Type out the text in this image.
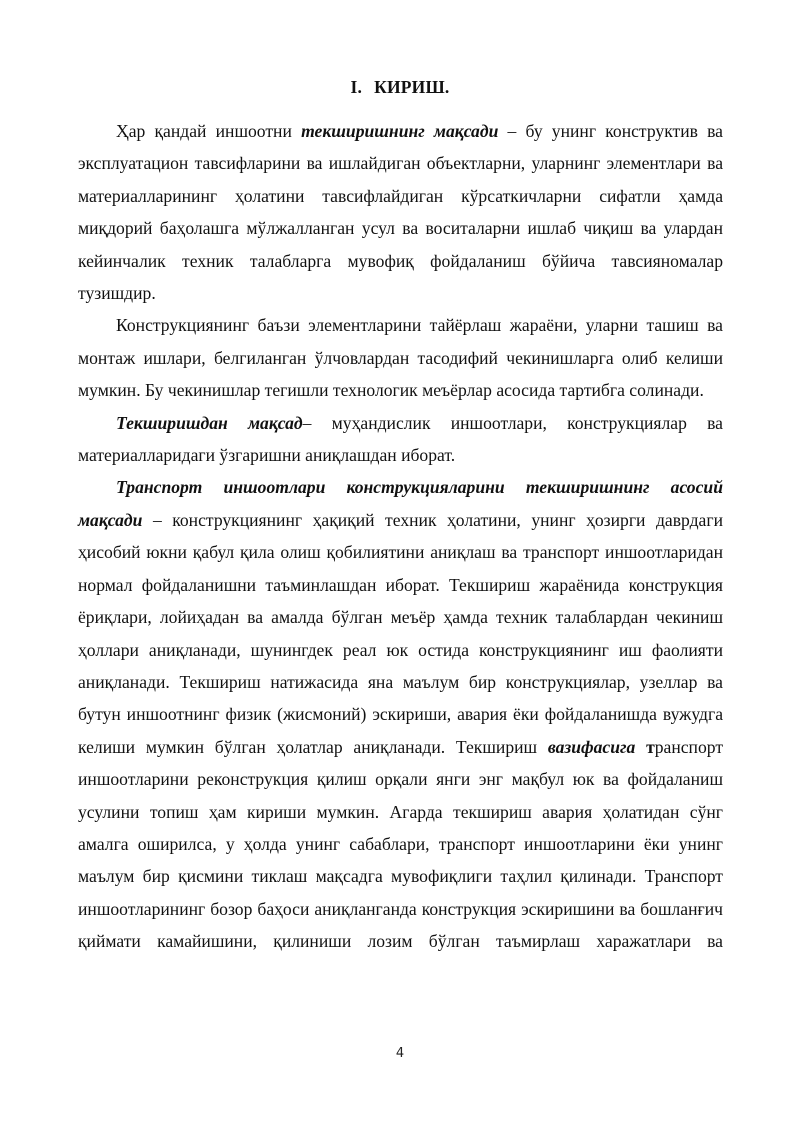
I. КИРИШ.

Ҳар қандай иншоотни текширишнинг мақсади – бу унинг конструктив ва эксплуатацион тавсифларини ва ишлайдиган объектларни, уларнинг элементлари ва материалларининг ҳолатини тавсифлайдиган кўрсаткичларни сифатли ҳамда миқдорий баҳолашга мўлжалланган усул ва воситаларни ишлаб чиқиш ва улардан кейинчалик техник талабларга мувофиқ фойдаланиш бўйича тавсияномалар тузишдир.

Конструкциянинг баъзи элементларини тайёрлаш жараёни, уларни ташиш ва монтаж ишлари, белгиланган ўлчовлардан тасодифий чекинишларга олиб келиши мумкин. Бу чекинишлар тегишли технологик меъёрлар асосида тартибга солинади.

Текширишдан мақсад– муҳандислик иншоотлари, конструкциялар ва материалларидаги ўзгаришни аниқлашдан иборат.

Транспорт иншоотлари конструкцияларини текширишнинг асосий мақсади – конструкциянинг ҳақиқий техник ҳолатини, унинг ҳозирги даврдаги ҳисобий юкни қабул қила олиш қобилиятини аниқлаш ва транспорт иншоотларидан нормал фойдаланишни таъминлашдан иборат. Текшириш жараёнида конструкция ёриқлари, лойиҳадан ва амалда бўлган меъёр ҳамда техник талаблардан чекиниш ҳоллари аниқланади, шунингдек реал юк остида конструкциянинг иш фаолияти аниқланади. Текшириш натижасида яна маълум бир конструкциялар, узеллар ва бутун иншоотнинг физик (жисмоний) эскириши, авария ёки фойдаланишда вужудга келиши мумкин бўлган ҳолатлар аниқланади. Текшириш вазифасига транспорт иншоотларини реконструкция қилиш орқали янги энг мақбул юк ва фойдаланиш усулини топиш ҳам кириши мумкин. Агарда текшириш авария ҳолатидан сўнг амалга оширилса, у ҳолда унинг сабаблари, транспорт иншоотларини ёки унинг маълум бир қисмини тиклаш мақсадга мувофиқлиги таҳлил қилинади. Транспорт иншоотларининг бозор баҳоси аниқланганда конструкция эскиришини ва бошланғич қиймати камайишини, қилиниши лозим бўлган таъмирлаш харажатлари ва

4
